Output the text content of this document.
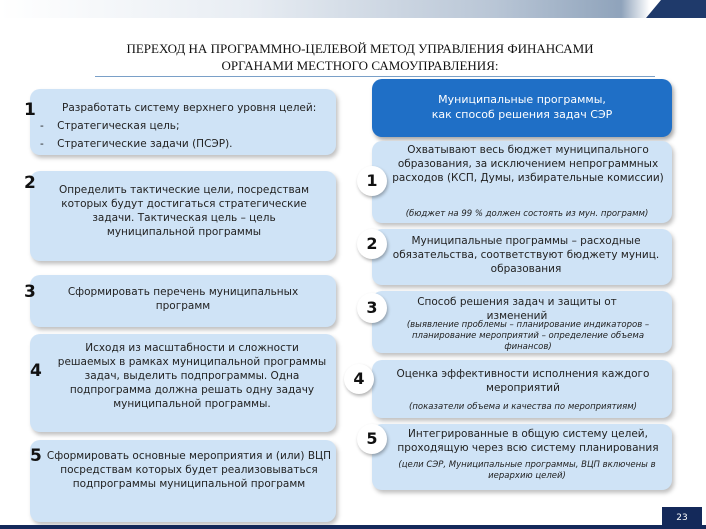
ПЕРЕХОД НА ПРОГРАММНО-ЦЕЛЕВОЙ МЕТОД УПРАВЛЕНИЯ ФИНАНСАМИ
ОРГАНАМИ МЕСТНОГО САМОУПРАВЛЕНИЯ:
1 Разработать систему верхнего уровня целей:
-    Стратегическая цель;
-    Стратегические задачи (ПСЭР).
2 Определить тактические цели, посредствам которых будут достигаться стратегические задачи. Тактическая цель – цель муниципальной программы
3	Сформировать перечень муниципальных программ
4
Исходя из масштабности и сложности решаемых в рамках муниципальной программы задач, выделить подпрограммы. Одна подпрограмма должна решать одну задачу муниципальной программы.
5 Сформировать основные мероприятия и (или) ВЦП посредствам которых будет реализовываться подпрограммы муниципальной программ
Муниципальные программы,
как способ решения задач СЭР
1
Охватывают весь бюджет муниципального образования, за исключением непрограммных расходов (КСП, Думы, избирательные комиссии)
(бюджет на 99 % должен состоять из мун. программ)
2	Муниципальные программы – расходные обязательства, соответствуют бюджету муниц. образования
3	Способ решения задач и защиты от изменений
(выявление проблемы – планирование индикаторов – планирование мероприятий – определение объема финансов)
4	Оценка эффективности исполнения каждого мероприятий
(показатели объема и качества по мероприятиям)
5	Интегрированные в общую систему целей, проходящую через всю систему планирования
(цели СЭР, Муниципальные программы, ВЦП включены в иерархию целей)
23
